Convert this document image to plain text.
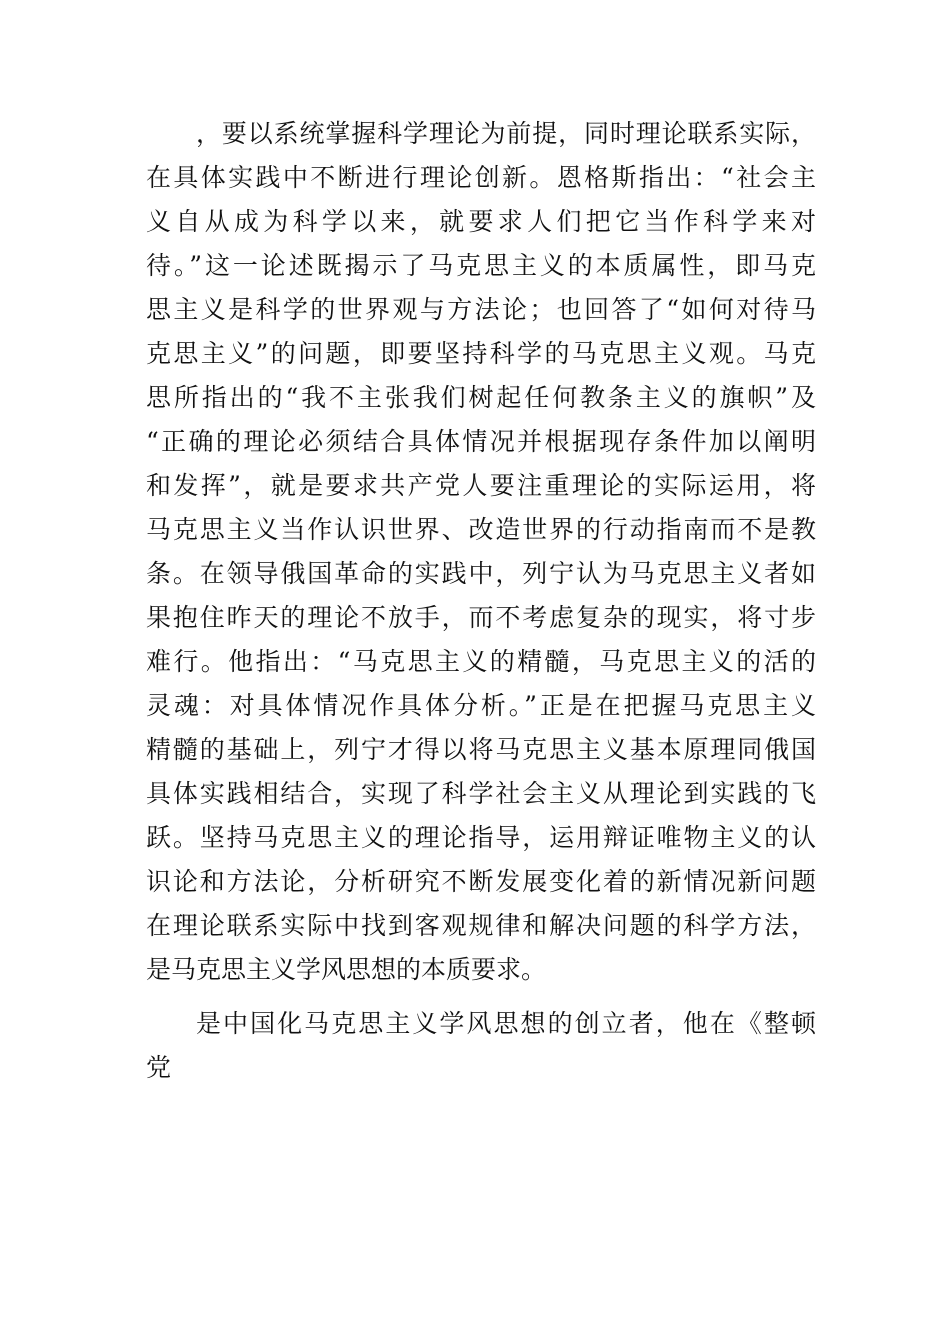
，要以系统掌握科学理论为前提，同时理论联系实际，
在具体实践中不断进行理论创新。恩格斯指出：“社会主
义自从成为科学以来，就要求人们把它当作科学来对
待。”这一论述既揭示了马克思主义的本质属性，即马克
思主义是科学的世界观与方法论；也回答了“如何对待马
克思主义”的问题，即要坚持科学的马克思主义观。马克
思所指出的“我不主张我们树起任何教条主义的旗帜”及
“正确的理论必须结合具体情况并根据现存条件加以阐明
和发挥”，就是要求共产党人要注重理论的实际运用，将
马克思主义当作认识世界、改造世界的行动指南而不是教
条。在领导俄国革命的实践中，列宁认为马克思主义者如
果抱住昨天的理论不放手，而不考虑复杂的现实，将寸步
难行。他指出：“马克思主义的精髓，马克思主义的活的
灵魂：对具体情况作具体分析。”正是在把握马克思主义
精髓的基础上，列宁才得以将马克思主义基本原理同俄国
具体实践相结合，实现了科学社会主义从理论到实践的飞
跃。坚持马克思主义的理论指导，运用辩证唯物主义的认
识论和方法论，分析研究不断发展变化着的新情况新问题
在理论联系实际中找到客观规律和解决问题的科学方法，
是马克思主义学风思想的本质要求。
是中国化马克思主义学风思想的创立者，他在《整顿
党
